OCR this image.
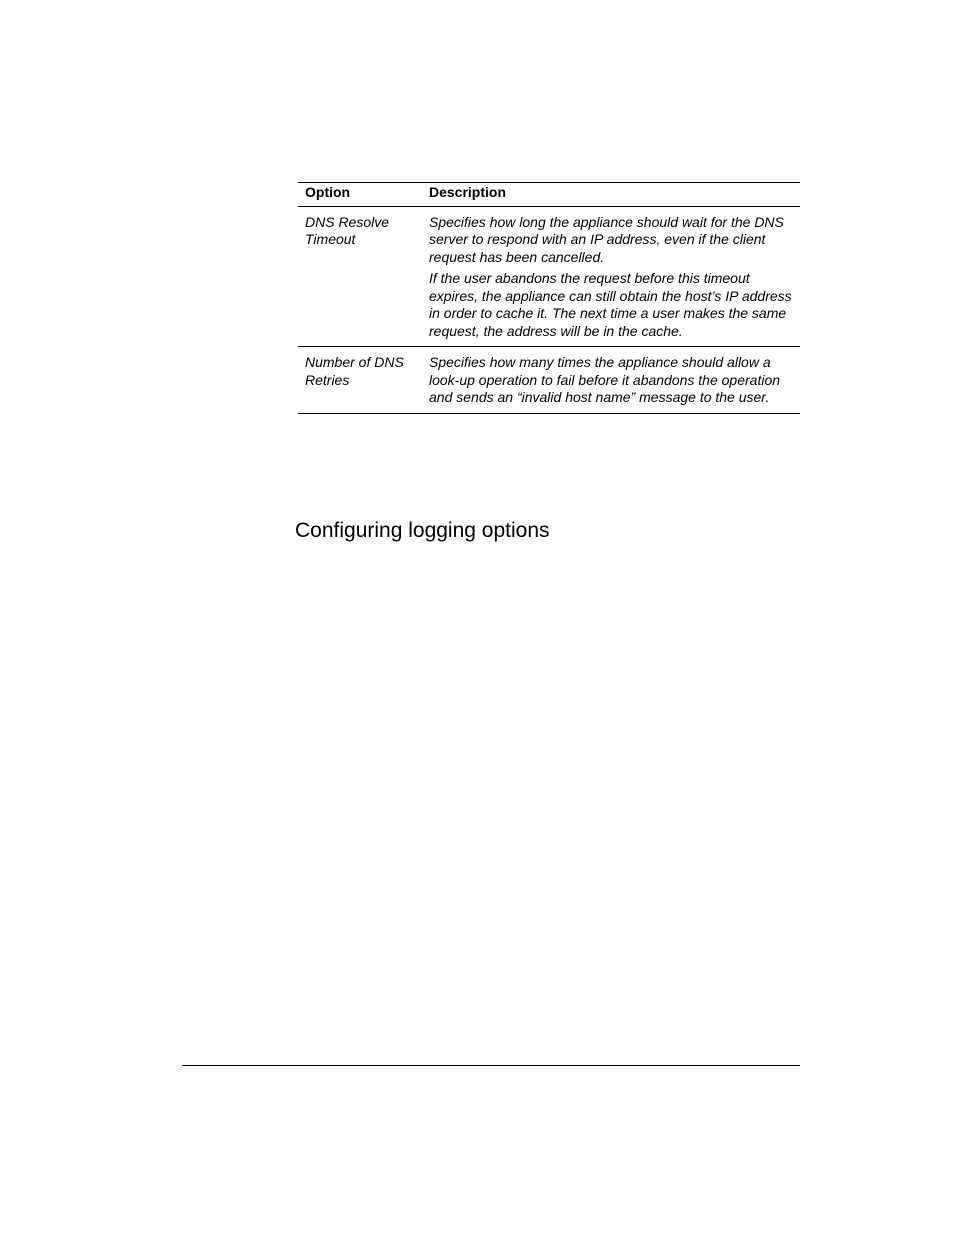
Option	Description
DNS Resolve Timeout	Specifies how long the appliance should wait for the DNS server to respond with an IP address, even if the client request has been cancelled.

If the user abandons the request before this timeout expires, the appliance can still obtain the host’s IP address in order to cache it. The next time a user makes the same request, the address will be in the cache.

Number of DNS Retries	Specifies how many times the appliance should allow a look-up operation to fail before it abandons the operation and sends an “invalid host name” message to the user.

Configuring logging options
